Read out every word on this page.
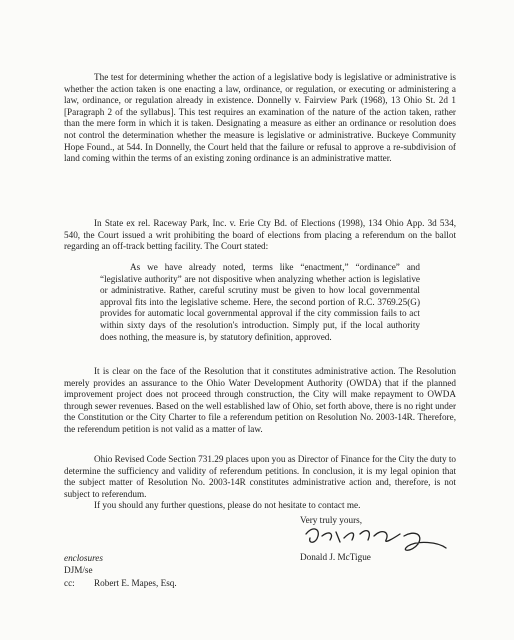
The test for determining whether the action of a legislative body is legislative or administrative is whether the action taken is one enacting a law, ordinance, or regulation, or executing or administering a law, ordinance, or regulation already in existence. Donnelly v. Fairview Park (1968), 13 Ohio St. 2d 1 [Paragraph 2 of the syllabus]. This test requires an examination of the nature of the action taken, rather than the mere form in which it is taken. Designating a measure as either an ordinance or resolution does not control the determination whether the measure is legislative or administrative. Buckeye Community Hope Found., at 544. In Donnelly, the Court held that the failure or refusal to approve a re-subdivision of land coming within the terms of an existing zoning ordinance is an administrative matter.
In State ex rel. Raceway Park, Inc. v. Erie Cty Bd. of Elections (1998), 134 Ohio App. 3d 534, 540, the Court issued a writ prohibiting the board of elections from placing a referendum on the ballot regarding an off-track betting facility. The Court stated:
As we have already noted, terms like “enactment,” “ordinance” and “legislative authority” are not dispositive when analyzing whether action is legislative or administrative. Rather, careful scrutiny must be given to how local governmental approval fits into the legislative scheme. Here, the second portion of R.C. 3769.25(G) provides for automatic local governmental approval if the city commission fails to act within sixty days of the resolution's introduction. Simply put, if the local authority does nothing, the measure is, by statutory definition, approved.
It is clear on the face of the Resolution that it constitutes administrative action. The Resolution merely provides an assurance to the Ohio Water Development Authority (OWDA) that if the planned improvement project does not proceed through construction, the City will make repayment to OWDA through sewer revenues. Based on the well established law of Ohio, set forth above, there is no right under the Constitution or the City Charter to file a referendum petition on Resolution No. 2003-14R. Therefore, the referendum petition is not valid as a matter of law.
Ohio Revised Code Section 731.29 places upon you as Director of Finance for the City the duty to determine the sufficiency and validity of referendum petitions. In conclusion, it is my legal opinion that the subject matter of Resolution No. 2003-14R constitutes administrative action and, therefore, is not subject to referendum.
If you should any further questions, please do not hesitate to contact me.
Very truly yours,
Donald J. McTigue
enclosures
DJM/se
cc: Robert E. Mapes, Esq.
